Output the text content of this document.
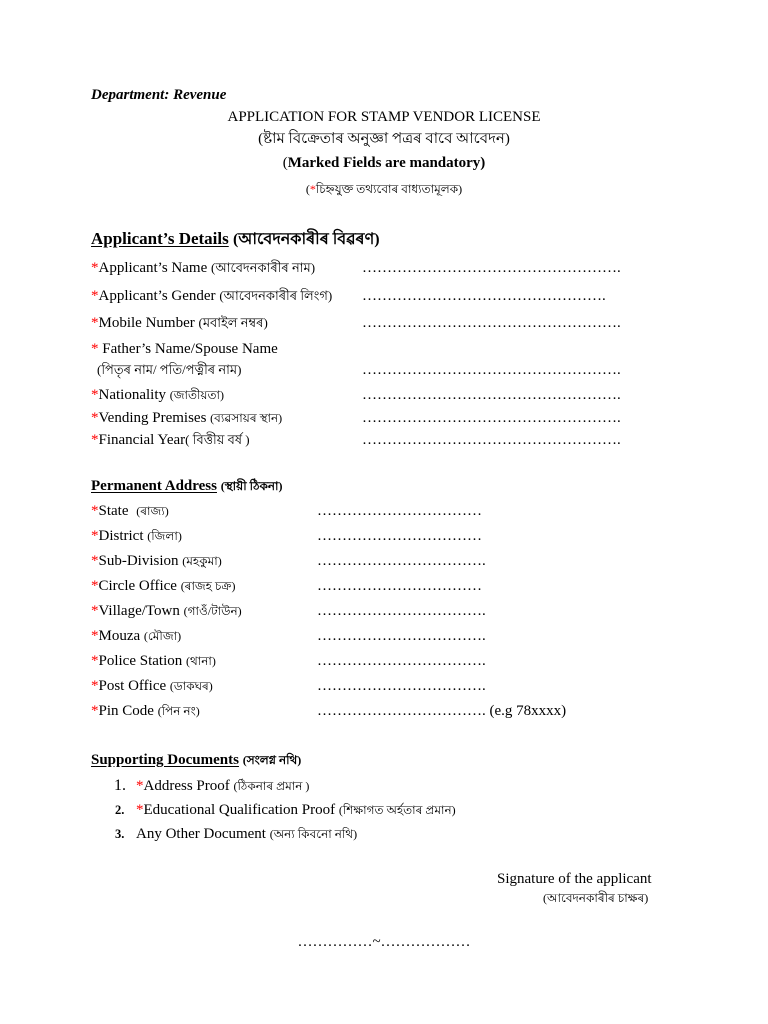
Department: Revenue
APPLICATION FOR STAMP VENDOR LICENSE
(ষ্টাম বিক্ৰেতাৰ অনুজ্ঞা পত্ৰৰ বাবে আবেদন)
(Marked Fields are mandatory)
(*চিহ্নযুক্ত তথ্যবোৰ বাধ্যতামূলক)
Applicant’s Details (আবেদনকাৰীৰ বিৱৰণ)
*Applicant’s Name (আবেদনকাৰীৰ নাম)	…………………………………………….
*Applicant’s Gender (আবেদনকাৰীৰ লিংগ) ………………………………………….
*Mobile Number (মবাইল নম্বৰ)	…………………………………………….
* Father’s Name/Spouse Name
(পিতৃৰ নাম/ পতি/পত্নীৰ নাম)	…………………………………………….
*Nationality (জাতীয়তা)	…………………………………………….
*Vending Premises (ব্যৱসায়ৰ স্থান)	…………………………………………….
*Financial Year( বিত্তীয় বৰ্ষ )	…………………………………………….
Permanent Address (স্থায়ী ঠিকনা)
*State (ৰাজ্য)	……………………………
*District (জিলা)	……………………………
*Sub-Division (মহকুমা)	…………………………….
*Circle Office (ৰাজহ চক্ৰ)	……………………………
*Village/Town (গাওঁ/টাউন)	…………………………….
*Mouza (মৌজা)	…………………………….
*Police Station (থানা)	…………………………….
*Post Office (ডাকঘৰ)	…………………………….
*Pin Code (পিন নং)	……………………………. (e.g 78xxxx)
Supporting Documents (সংলগ্ন নথি)
1. *Address Proof (ঠিকনাৰ প্ৰমান )
2. *Educational Qualification Proof (শিক্ষাগত অৰ্হতাৰ প্ৰমান)
3. Any Other Document (অন্য কিবনো নথি)
Signature of the applicant
(আবেদনকাৰীৰ চাক্ষৰ)
……………~………………
